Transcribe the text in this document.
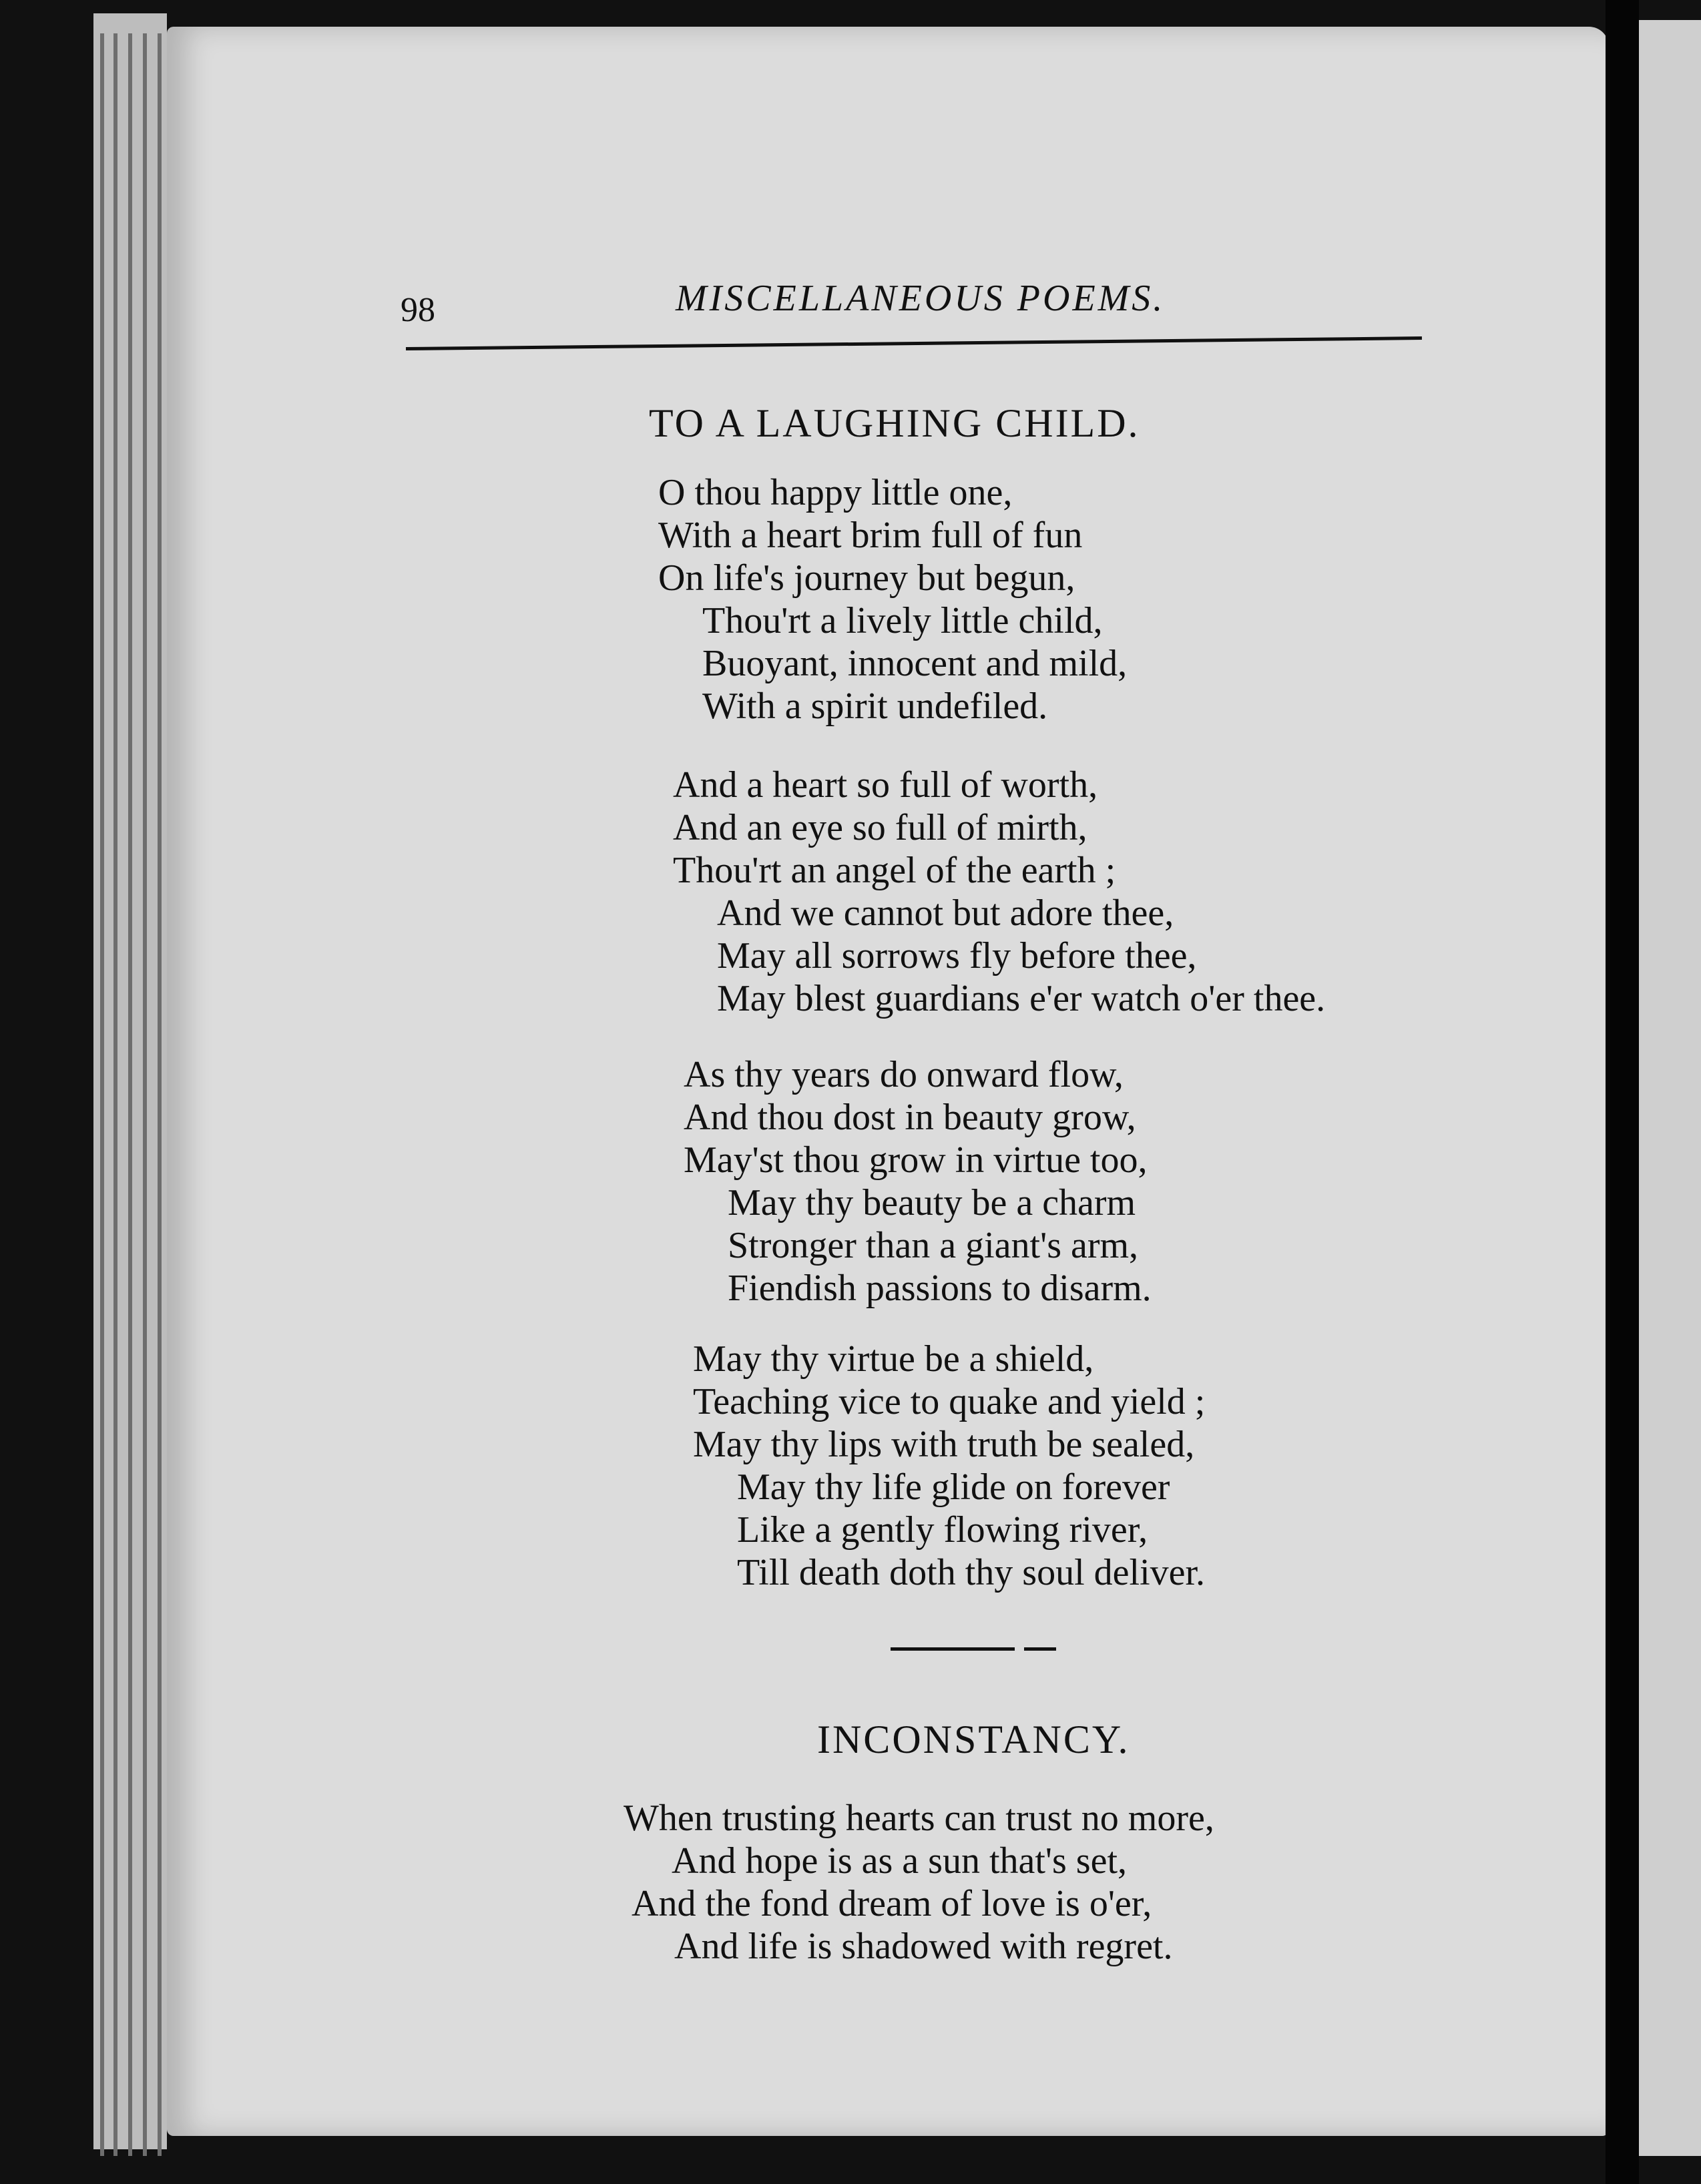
98	MISCELLANEOUS POEMS.
TO A LAUGHING CHILD.
O thou happy little one,
With a heart brim full of fun
On life's journey but begun,
Thou'rt a lively little child,
Buoyant, innocent and mild,
With a spirit undefiled.
And a heart so full of worth,
And an eye so full of mirth,
Thou'rt an angel of the earth ;
And we cannot but adore thee,
May all sorrows fly before thee,
May blest guardians e'er watch o'er thee.
As thy years do onward flow,
And thou dost in beauty grow,
May'st thou grow in virtue too,
May thy beauty be a charm
Stronger than a giant's arm,
Fiendish passions to disarm.
May thy virtue be a shield,
Teaching vice to quake and yield ;
May thy lips with truth be sealed,
May thy life glide on forever
Like a gently flowing river,
Till death doth thy soul deliver.
INCONSTANCY.
When trusting hearts can trust no more,
And hope is as a sun that's set,
And the fond dream of love is o'er,
And life is shadowed with regret.
